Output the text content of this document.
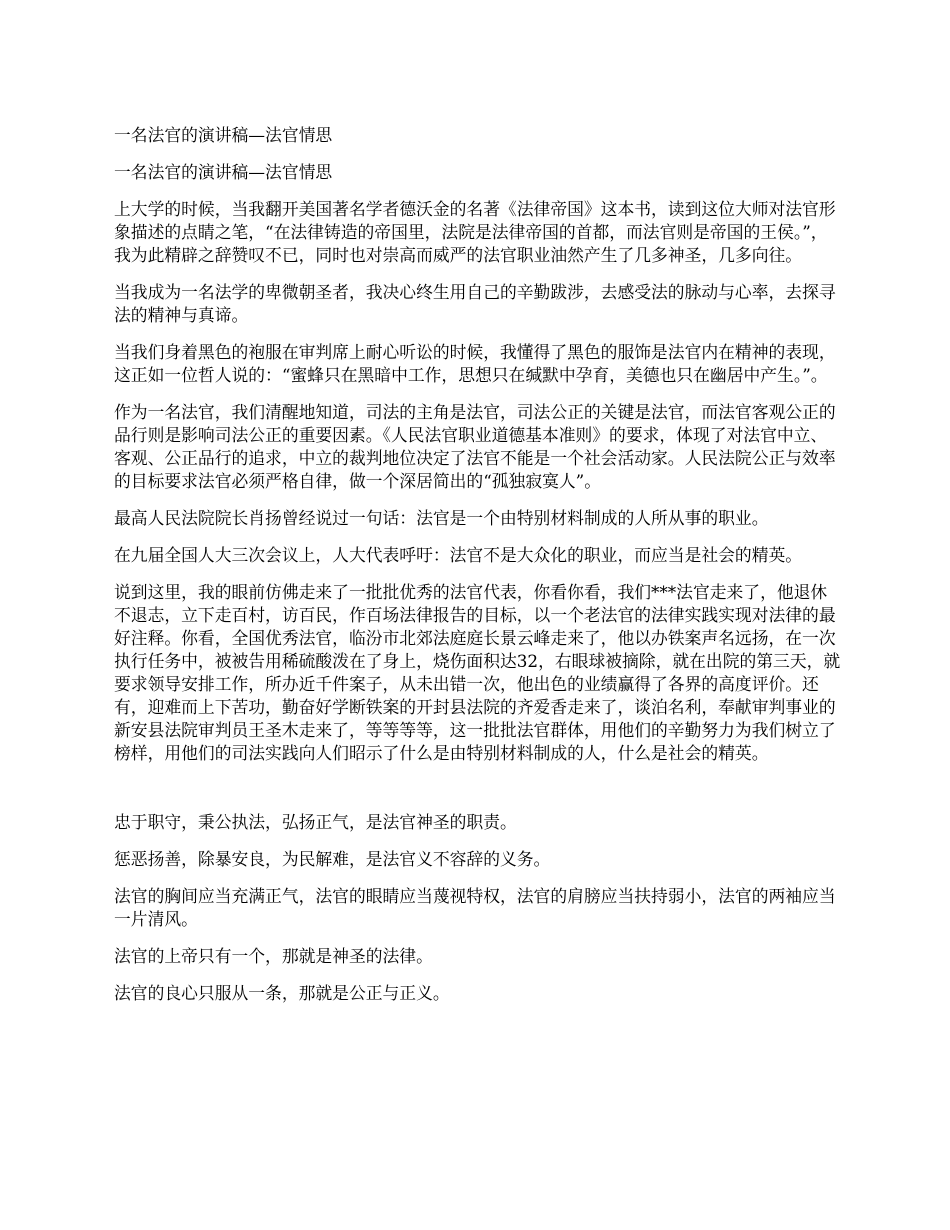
一名法官的演讲稿—法官情思

一名法官的演讲稿—法官情思

上大学的时候，当我翻开美国著名学者德沃金的名著《法律帝国》这本书，读到这位大师对法官形象描述的点睛之笔，“在法律铸造的帝国里，法院是法律帝国的首都，而法官则是帝国的王侯。”，我为此精辟之辞赞叹不已，同时也对崇高而威严的法官职业油然产生了几多神圣，几多向往。

当我成为一名法学的卑微朝圣者，我决心终生用自己的辛勤跋涉，去感受法的脉动与心率，去探寻法的精神与真谛。

当我们身着黑色的袍服在审判席上耐心听讼的时候，我懂得了黑色的服饰是法官内在精神的表现，这正如一位哲人说的：“蜜蜂只在黑暗中工作，思想只在缄默中孕育，美德也只在幽居中产生。”。

作为一名法官，我们清醒地知道，司法的主角是法官，司法公正的关键是法官，而法官客观公正的品行则是影响司法公正的重要因素。《人民法官职业道德基本准则》的要求，体现了对法官中立、客观、公正品行的追求，中立的裁判地位决定了法官不能是一个社会活动家。人民法院公正与效率的目标要求法官必须严格自律，做一个深居简出的“孤独寂寞人”。

最高人民法院院长肖扬曾经说过一句话：法官是一个由特别材料制成的人所从事的职业。

在九届全国人大三次会议上，人大代表呼吁：法官不是大众化的职业，而应当是社会的精英。

说到这里，我的眼前仿佛走来了一批批优秀的法官代表，你看你看，我们***法官走来了，他退休不退志，立下走百村，访百民，作百场法律报告的目标，以一个老法官的法律实践实现对法律的最好注释。你看，全国优秀法官，临汾市北郊法庭庭长景云峰走来了，他以办铁案声名远扬，在一次执行任务中，被被告用稀硫酸泼在了身上，烧伤面积达32，右眼球被摘除，就在出院的第三天，就要求领导安排工作，所办近千件案子，从未出错一次，他出色的业绩赢得了各界的高度评价。还有，迎难而上下苦功，勤奋好学断铁案的开封县法院的齐爱香走来了，谈泊名利，奉献审判事业的新安县法院审判员王圣木走来了，等等等等，这一批批法官群体，用他们的辛勤努力为我们树立了榜样，用他们的司法实践向人们昭示了什么是由特别材料制成的人，什么是社会的精英。

忠于职守，秉公执法，弘扬正气，是法官神圣的职责。

惩恶扬善，除暴安良，为民解难，是法官义不容辞的义务。

法官的胸间应当充满正气，法官的眼睛应当蔑视特权，法官的肩膀应当扶持弱小，法官的两袖应当一片清风。

法官的上帝只有一个，那就是神圣的法律。

法官的良心只服从一条，那就是公正与正义。
